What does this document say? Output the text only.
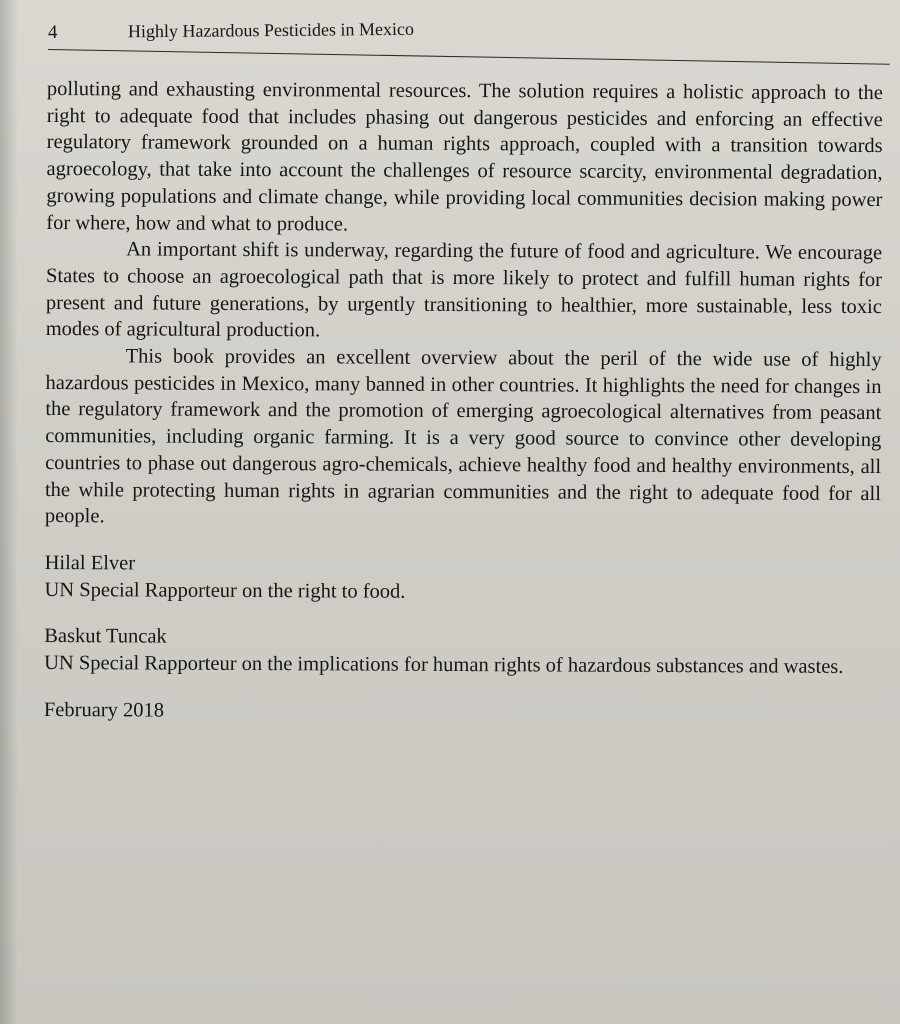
4	Highly Hazardous Pesticides in Mexico

polluting and exhausting environmental resources. The solution requires a holistic approach to the right to adequate food that includes phasing out dangerous pesticides and enforcing an effective regulatory framework grounded on a human rights approach, coupled with a transition towards agroecology, that take into account the challenges of resource scarcity, environmental degradation, growing populations and climate change, while providing local communities decision making power for where, how and what to produce.

An important shift is underway, regarding the future of food and agriculture. We encourage States to choose an agroecological path that is more likely to protect and fulfill human rights for present and future generations, by urgently transitioning to healthier, more sustainable, less toxic modes of agricultural production.

This book provides an excellent overview about the peril of the wide use of highly hazardous pesticides in Mexico, many banned in other countries. It highlights the need for changes in the regulatory framework and the promotion of emerging agroecological alternatives from peasant communities, including organic farming. It is a very good source to convince other developing countries to phase out dangerous agro-chemicals, achieve healthy food and healthy environments, all the while protecting human rights in agrarian communities and the right to adequate food for all people.

Hilal Elver
UN Special Rapporteur on the right to food.
Baskut Tuncak
UN Special Rapporteur on the implications for human rights of hazardous substances and wastes.
February 2018
